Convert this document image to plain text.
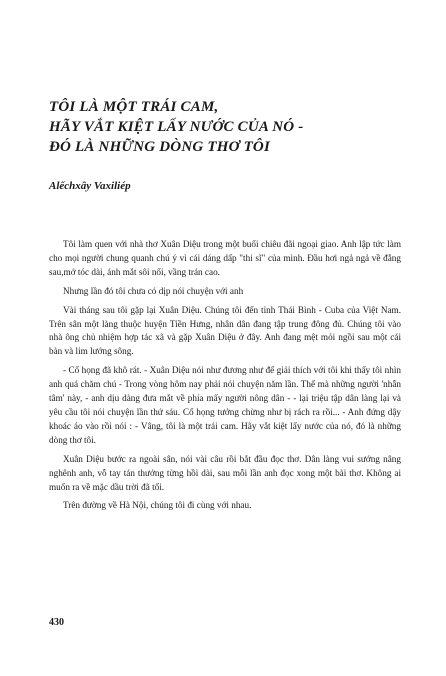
TÔI LÀ MỘT TRÁI CAM,
HÃY VẮT KIỆT LẤY NƯỚC CỦA NÓ -
ĐÓ LÀ NHỮNG DÒNG THƠ TÔI
Alếchxây Vaxiliép

Tôi làm quen với nhà thơ Xuân Diệu trong một buổi chiêu đãi ngoại giao. Anh lập tức làm cho mọi người chung quanh chú ý vì cái dáng dấp "thi sĩ" của mình. Đầu hơi ngả ngả về đằng sau,mớ tóc dài, ánh mắt sôi nổi, vầng trán cao.

Nhưng lần đó tôi chưa có dịp nói chuyện với anh

Vài tháng sau tôi gặp lại Xuân Diệu. Chúng tôi đến tỉnh Thái Bình - Cuba của Việt Nam. Trên sân một làng thuộc huyện Tiền Hưng, nhân dân đang tập trung đông đủ. Chúng tôi vào nhà ông chủ nhiệm hợp tác xã và gặp Xuân Diệu ở đây. Anh đang mệt mỏi ngồi sau một cái bàn và lim lướng sông.

- Cổ họng đã khô rát. - Xuân Diệu nói như đương như để giải thích với tôi khi thấy tôi nhìn anh quá chăm chú - Trong vòng hôm nay phải nói chuyện năm lần. Thế mà những người 'nhẫn tâm' này, - anh dịu dàng đưa mắt về phía mấy người nông dân - - lại triệu tập dân làng lại và yêu cầu tôi nói chuyện lần thứ sáu. Cổ họng tưởng chừng như bị rách ra rồi... - Anh đứng dậy khoác áo vào rồi nói : - Vâng, tôi là một trái cam. Hãy vắt kiệt lấy nước của nó, đó là những dòng thơ tôi.

Xuân Diệu bước ra ngoài sân, nói vài câu rồi bắt đầu đọc thơ. Dân làng vui sướng nâng nghênh anh, vỗ tay tán thưởng từng hồi dài, sau mỗi lần anh đọc xong một bài thơ. Không ai muốn ra về mặc dầu trời đã tối.

Trên đường về Hà Nội, chúng tôi đi cùng với nhau.

430
